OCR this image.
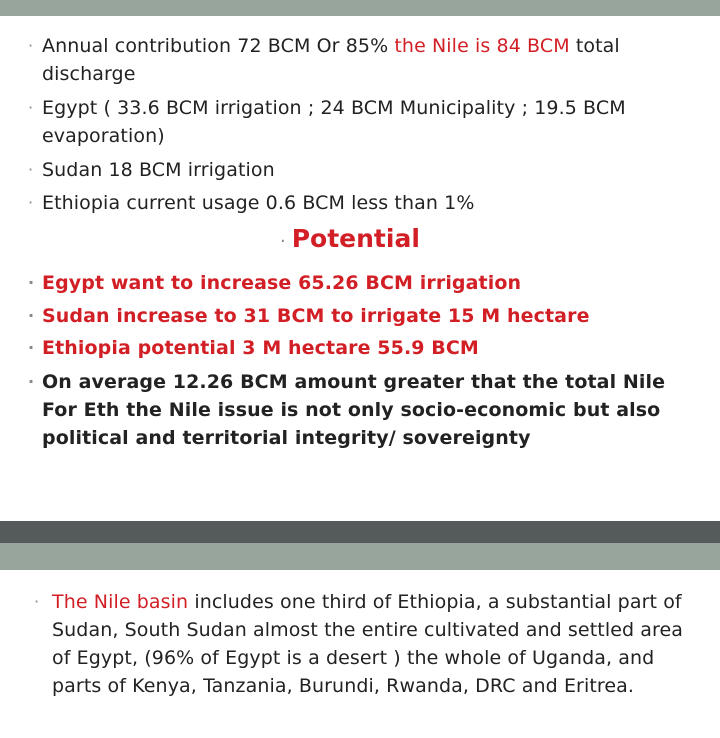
· Annual contribution 72 BCM Or 85% the Nile is 84 BCM total discharge
· Egypt ( 33.6 BCM irrigation ; 24 BCM Municipality ; 19.5 BCM evaporation)
· Sudan 18 BCM irrigation
· Ethiopia current usage 0.6 BCM less than 1%
· Potential
· Egypt want to increase 65.26 BCM irrigation
· Sudan increase to 31 BCM to irrigate 15 M hectare
· Ethiopia potential 3 M hectare 55.9 BCM
· On average 12.26 BCM amount greater that the total Nile
For Eth the Nile issue is not only socio-economic but also political and territorial integrity/ sovereignty
· The Nile basin includes one third of Ethiopia, a substantial part of Sudan, South Sudan almost the entire cultivated and settled area of Egypt, (96% of Egypt is a desert ) the whole of Uganda, and parts of Kenya, Tanzania, Burundi, Rwanda, DRC and Eritrea.
